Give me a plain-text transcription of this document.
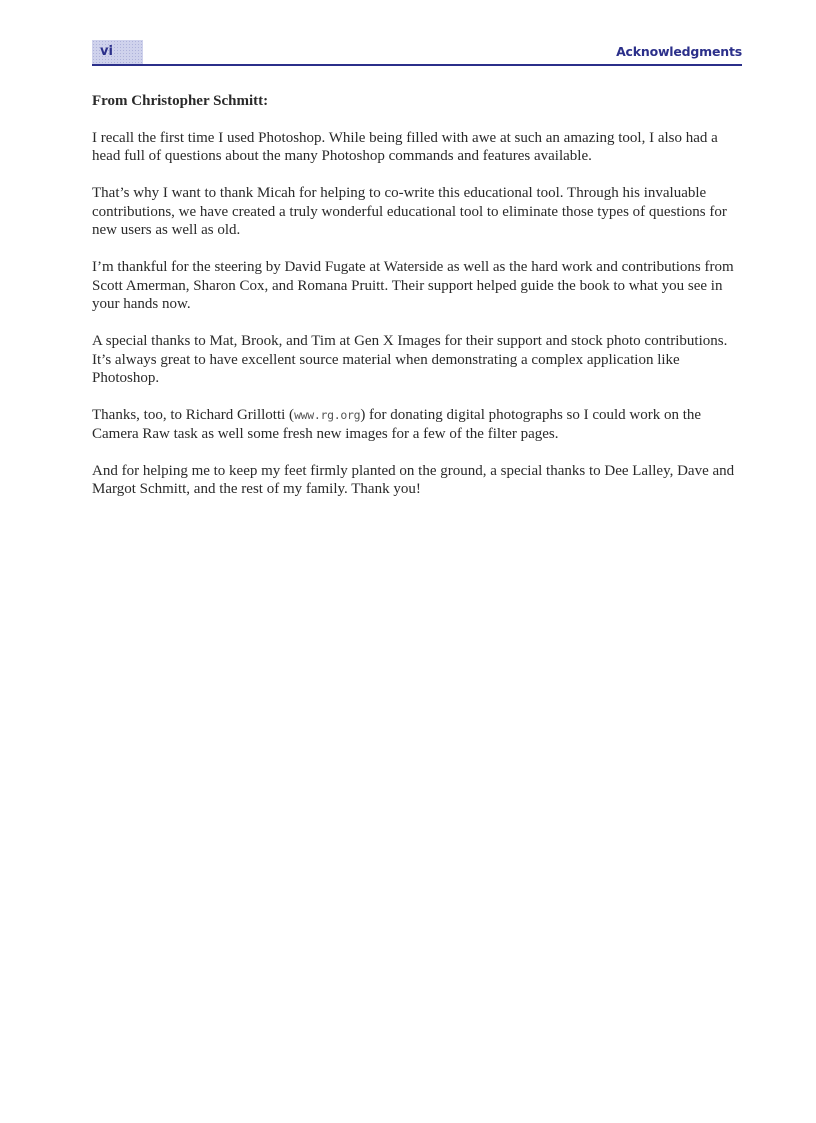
vi	Acknowledgments
From Christopher Schmitt:

I recall the first time I used Photoshop. While being filled with awe at such an amazing tool, I also had a head full of questions about the many Photoshop commands and features available.

That’s why I want to thank Micah for helping to co-write this educational tool. Through his invaluable contributions, we have created a truly wonderful educational tool to eliminate those types of questions for new users as well as old.

I’m thankful for the steering by David Fugate at Waterside as well as the hard work and contributions from Scott Amerman, Sharon Cox, and Romana Pruitt. Their support helped guide the book to what you see in your hands now.

A special thanks to Mat, Brook, and Tim at Gen X Images for their support and stock photo contributions. It’s always great to have excellent source material when demonstrating a complex application like Photoshop.

Thanks, too, to Richard Grillotti (www.rg.org) for donating digital photographs so I could work on the Camera Raw task as well some fresh new images for a few of the filter pages.

And for helping me to keep my feet firmly planted on the ground, a special thanks to Dee Lalley, Dave and Margot Schmitt, and the rest of my family. Thank you!
